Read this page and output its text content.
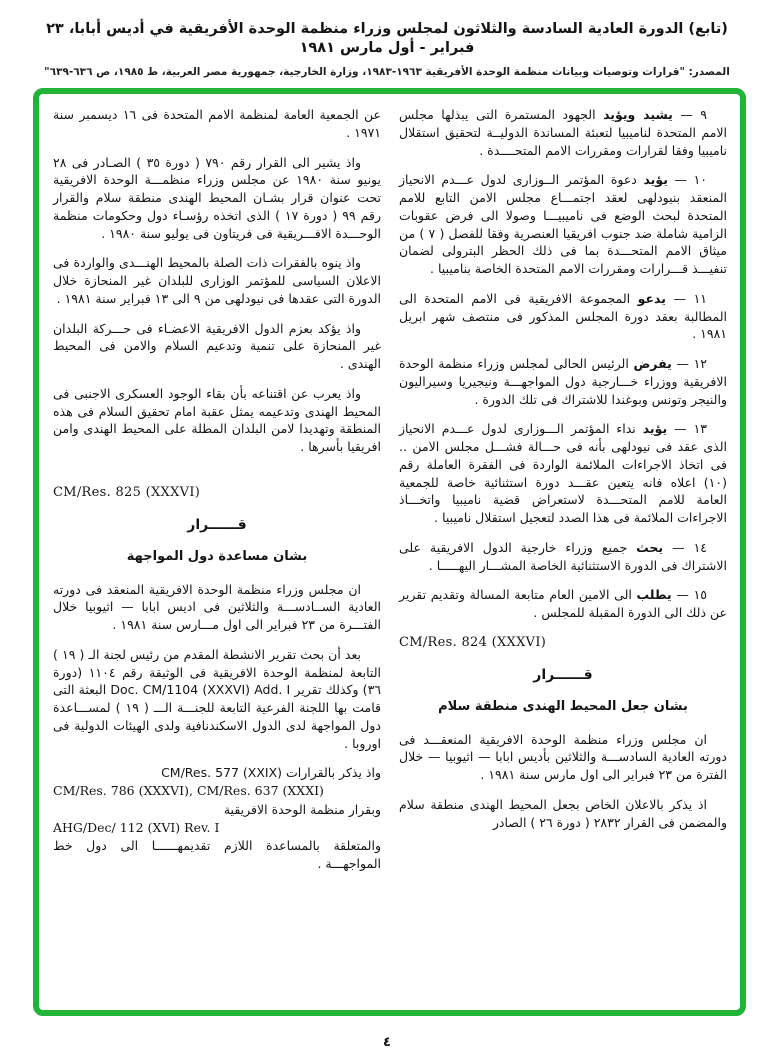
(تابع) الدورة العادية السادسة والثلاثون لمجلس وزراء منظمة الوحدة الأفريقية في أديس أبابا، ٢٣ فبراير - أول مارس ١٩٨١
المصدر: "قرارات وتوصيات وبيانات منظمة الوحدة الأفريقية ١٩٦٣-١٩٨٣، وزارة الخارجية، جمهورية مصر العربية، ط ١٩٨٥، ص ٦٣٦-٦٣٩"

٩ — يشيد ويؤيد الجهود المستمرة التى يبذلها مجلس الامم المتحدة لناميبيا لتعبئة المساندة الدوليــة لتحقيق استقلال ناميبيا وفقا لقرارات ومقررات الامم المتحــــدة .

١٠ — يؤيد دعوة المؤتمر الــوزارى لدول عـــدم الانحياز المنعقد بنيودلهى لعقد اجتمـــاع مجلس الامن التابع للامم المتحدة لبحث الوضع فى ناميبيـــا وصولا الى فرض عقوبات الزامية شاملة ضد جنوب افريقيا العنصرية وفقا للفصل ( ٧ ) من ميثاق الامم المتحـــدة بما فى ذلك الحظر البترولى لضمان تنفيـــذ قـــرارات ومقررات الامم المتحدة الخاصة بناميبيا .

١١ — يدعو المجموعة الافريقية فى الامم المتحدة الى المطالبة بعقد دورة المجلس المذكور فى منتصف شهر ابريل ١٩٨١ .

١٢ — يفرض الرئيس الحالى لمجلس وزراء منظمة الوحدة الافريقية ووزراء خـــارجية دول المواجهـــة ونيجيريا وسيراليون والنيجر وتونس وبوغندا للاشتراك فى تلك الدورة .

١٣ — يؤيد نداء المؤتمر الـــوزارى لدول عـــدم الانحياز الذى عقد فى نيودلهى بأنه فى حـــالة فشـــل مجلس الامن .. فى اتخاذ الاجراءات الملائمة الواردة فى الفقرة العاملة رقم (١٠) اعلاه فانه يتعين عقـــد دورة استثنائية خاصة للجمعية العامة للامم المتحـــدة لاستعراض قضية ناميبيا واتخـــاذ الاجراءات الملائمة فى هذا الصدد لتعجيل استقلال ناميبيا .

١٤ — يحث جميع وزراء خارجية الدول الافريقية على الاشتراك فى الدورة الاستثنائية الخاصة المشـــار اليهـــــا .

١٥ — يطلب الى الامين العام متابعة المسالة وتقديم تقرير عن ذلك الى الدورة المقبلة للمجلس .

CM/Res. 824 (XXXVI)
قــــــرار
بشان جعل المحيط الهندى منطقة سلام

ان مجلس وزراء منظمة الوحدة الافريقية المنعقـــد فى دورته العادية السادســـة والثلاثين بأديس ابابا — اثيوبيا — خلال الفترة من ٢٣ فبراير الى اول مارس سنة ١٩٨١ .

اذ يذكر بالاعلان الخاص بجعل المحيط الهندى منطقة سلام والمضمن فى القرار ٢٨٣٢ ( دورة ٢٦ ) الصادر

عن الجمعية العامة لمنظمة الامم المتحدة فى ١٦ ديسمبر سنة ١٩٧١ .

واذ يشير الى القرار رقم ٧٩٠ ( دورة ٣٥ ) الصـادر فى ٢٨ يونيو سنة ١٩٨٠ عن مجلس وزراء منظمـــة الوحدة الافريقية تحت عنوان قرار بشـان المحيط الهندى منطقة سلام والقرار رقم ٩٩ ( دورة ١٧ ) الذى اتخذه رؤسـاء دول وحكومات منظمة الوحـــدة الافـــريقية فى فريتاون فى يوليو سنة ١٩٨٠ .

واذ ينوه بالفقرات ذات الصلة بالمحيط الهنـــدى والواردة فى الاعلان السياسى للمؤتمر الوزارى للبلدان غير المنحازة خلال الدورة التى عقدها فى نيودلهى من ٩ الى ١٣ فبراير سنة ١٩٨١ .

واذ يؤكد بعزم الدول الافريقية الاعضـاء فى حـــركة البلدان غير المنحازة على تنمية وتدعيم السلام والامن فى المحيط الهندى .

واذ يعرب عن اقتناعه بأن بقاء الوجود العسكرى الاجنبى فى المحيط الهندى وتدعيمه يمثل عقبة امام تحقيق السلام فى هذه المنطقة وتهديدا لامن البلدان المطلة على المحيط الهندى وامن افريقيا بأسرها .

CM/Res. 825 (XXXVI)
قــــــرار
بشان مساعدة دول المواجهة

ان مجلس وزراء منظمة الوحدة الافريقية المنعقد فى دورته العادية الســادســـة والثلاثين فى اديس ابابا — اثيوبيا خلال الفتـــرة من ٢٣ فبراير الى اول مـــارس سنة ١٩٨١ .

بعد أن بحث تقرير الانشطة المقدم من رئيس لجنة الـ ( ١٩ ) التابعة لمنظمة الوحدة الافريقية فى الوثيقة رقم ١١٠٤ (دورة ٣٦) وكذلك تقرير Doc. CM/1104 (XXXVI) Add. I البعثة التى قامت بها اللجنة الفرعية التابعة للجنـــة الـــ ( ١٩ ) لمســـاعدة دول المواجهة لدى الدول الاسكندنافية ولدى الهيئات الدولية فى اوروبا .

واذ يذكر بالقرارات CM/Res. 577 (XXIX)
CM/Res. 786 (XXXVI), CM/Res. 637 (XXXI)
وبقرار منظمة الوحدة الافريقية
AHG/Dec/ 112 (XVI) Rev. I
والمتعلقة بالمساعدة اللازم تقديمهــــــا الى دول خط المواجهـــة .
٤
